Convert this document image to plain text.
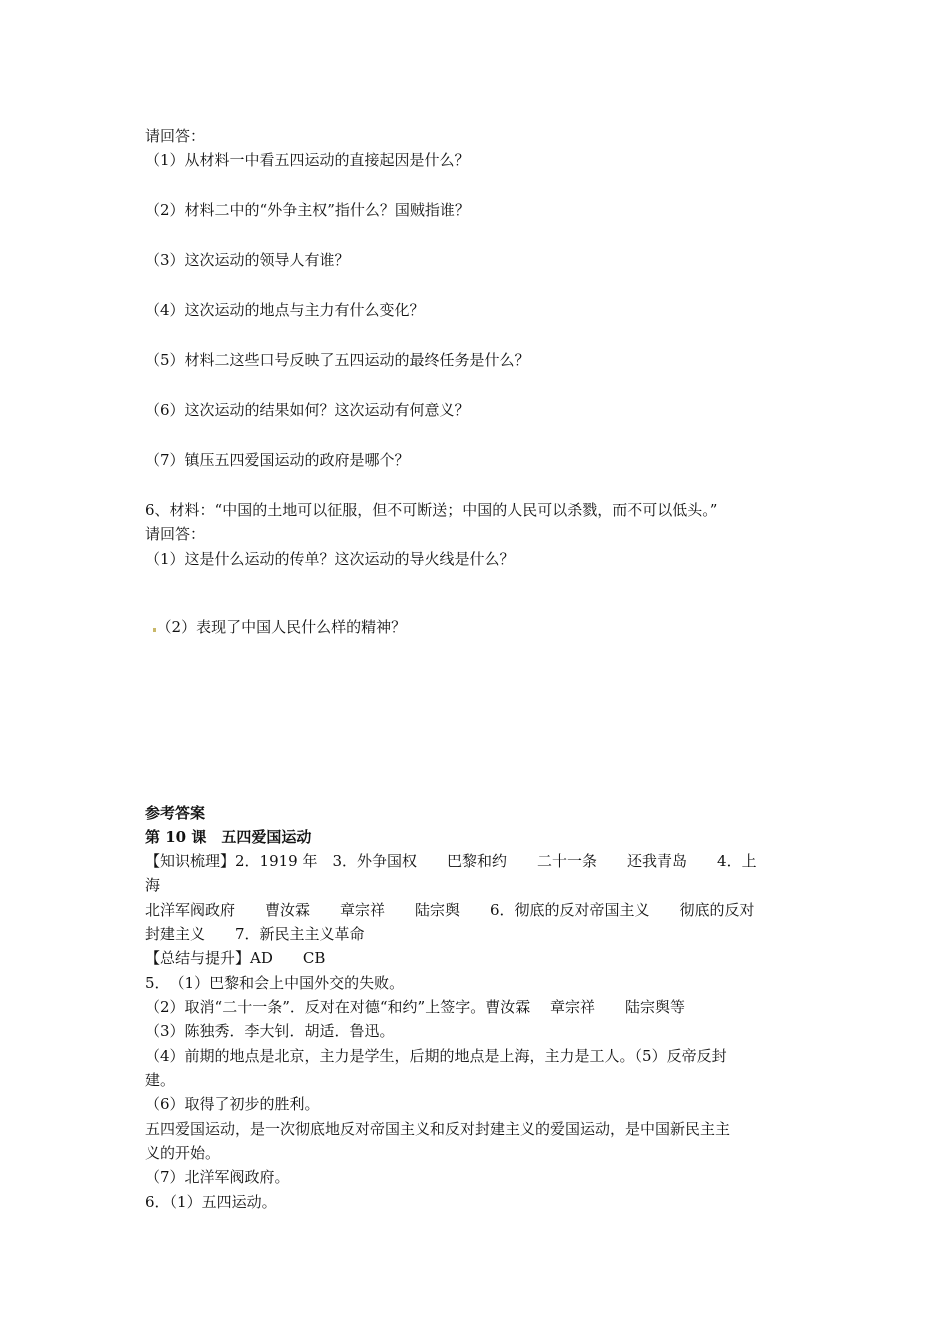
请回答：
（1）从材料一中看五四运动的直接起因是什么？
（2）材料二中的“外争主权”指什么？国贼指谁？
（3）这次运动的领导人有谁？
（4）这次运动的地点与主力有什么变化？
（5）材料二这些口号反映了五四运动的最终任务是什么？
（6）这次运动的结果如何？这次运动有何意义？
（7）镇压五四爱国运动的政府是哪个？
6、材料：“中国的土地可以征服，但不可断送；中国的人民可以杀戮，而不可以低头。”
请回答：
（1）这是什么运动的传单？这次运动的导火线是什么？

（2）表现了中国人民什么样的精神？

参考答案
第 10 课　五四爱国运动
【知识梳理】2．1919 年　3．外争国权　　巴黎和约　　二十一条　　还我青岛　　4．上
海
北洋军阀政府　　曹汝霖　　章宗祥　　陆宗舆　　6．彻底的反对帝国主义　　彻底的反对
封建主义　　7．新民主主义革命
【总结与提升】AD　　CB
5．　（1）巴黎和会上中国外交的失败。
（2）取消“二十一条”．反对在对德“和约”上签字。曹汝霖　 章宗祥　　陆宗舆等
（3）陈独秀．李大钊．胡适．鲁迅。
（4）前期的地点是北京，主力是学生，后期的地点是上海，主力是工人。（5）反帝反封
建。
（6）取得了初步的胜利。
五四爱国运动，是一次彻底地反对帝国主义和反对封建主义的爱国运动，是中国新民主主
义的开始。
（7）北洋军阀政府。
6．（1）五四运动。
